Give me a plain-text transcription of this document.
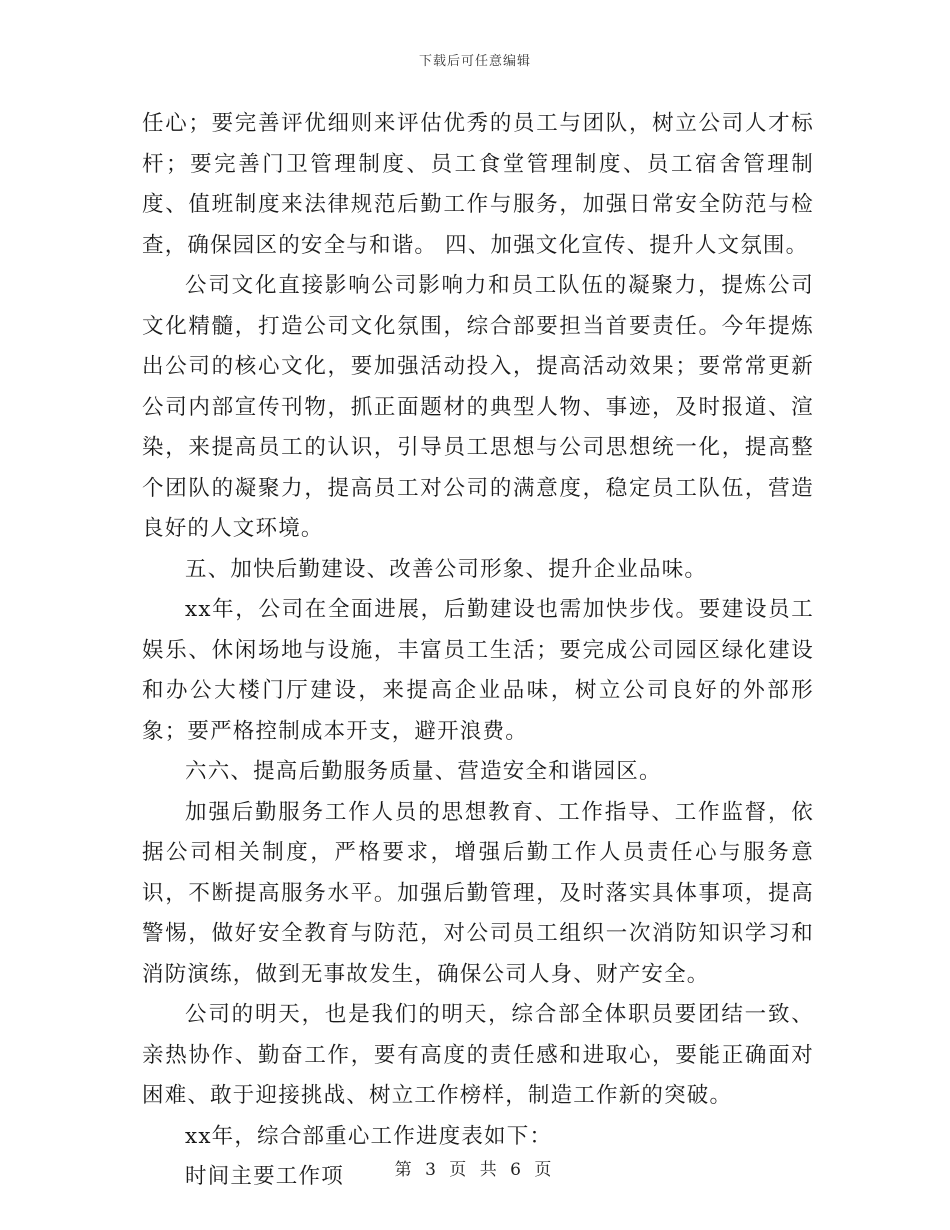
下载后可任意编辑

任心；要完善评优细则来评估优秀的员工与团队，树立公司人才标杆；要完善门卫管理制度、员工食堂管理制度、员工宿舍管理制度、值班制度来法律规范后勤工作与服务，加强日常安全防范与检查，确保园区的安全与和谐。 四、加强文化宣传、提升人文氛围。

公司文化直接影响公司影响力和员工队伍的凝聚力，提炼公司文化精髓，打造公司文化氛围，综合部要担当首要责任。今年提炼出公司的核心文化，要加强活动投入，提高活动效果；要常常更新公司内部宣传刊物，抓正面题材的典型人物、事迹，及时报道、渲染，来提高员工的认识，引导员工思想与公司思想统一化，提高整个团队的凝聚力，提高员工对公司的满意度，稳定员工队伍，营造良好的人文环境。

五、加快后勤建设、改善公司形象、提升企业品味。

xx年，公司在全面进展，后勤建设也需加快步伐。要建设员工娱乐、休闲场地与设施，丰富员工生活；要完成公司园区绿化建设和办公大楼门厅建设，来提高企业品味，树立公司良好的外部形象；要严格控制成本开支，避开浪费。

六六、提高后勤服务质量、营造安全和谐园区。

加强后勤服务工作人员的思想教育、工作指导、工作监督，依据公司相关制度，严格要求，增强后勤工作人员责任心与服务意识，不断提高服务水平。加强后勤管理，及时落实具体事项，提高警惕，做好安全教育与防范，对公司员工组织一次消防知识学习和消防演练，做到无事故发生，确保公司人身、财产安全。

公司的明天，也是我们的明天，综合部全体职员要团结一致、亲热协作、勤奋工作，要有高度的责任感和进取心，要能正确面对困难、敢于迎接挑战、树立工作榜样，制造工作新的突破。

xx年，综合部重心工作进度表如下：

时间主要工作项	第 3 页 共 6 页
